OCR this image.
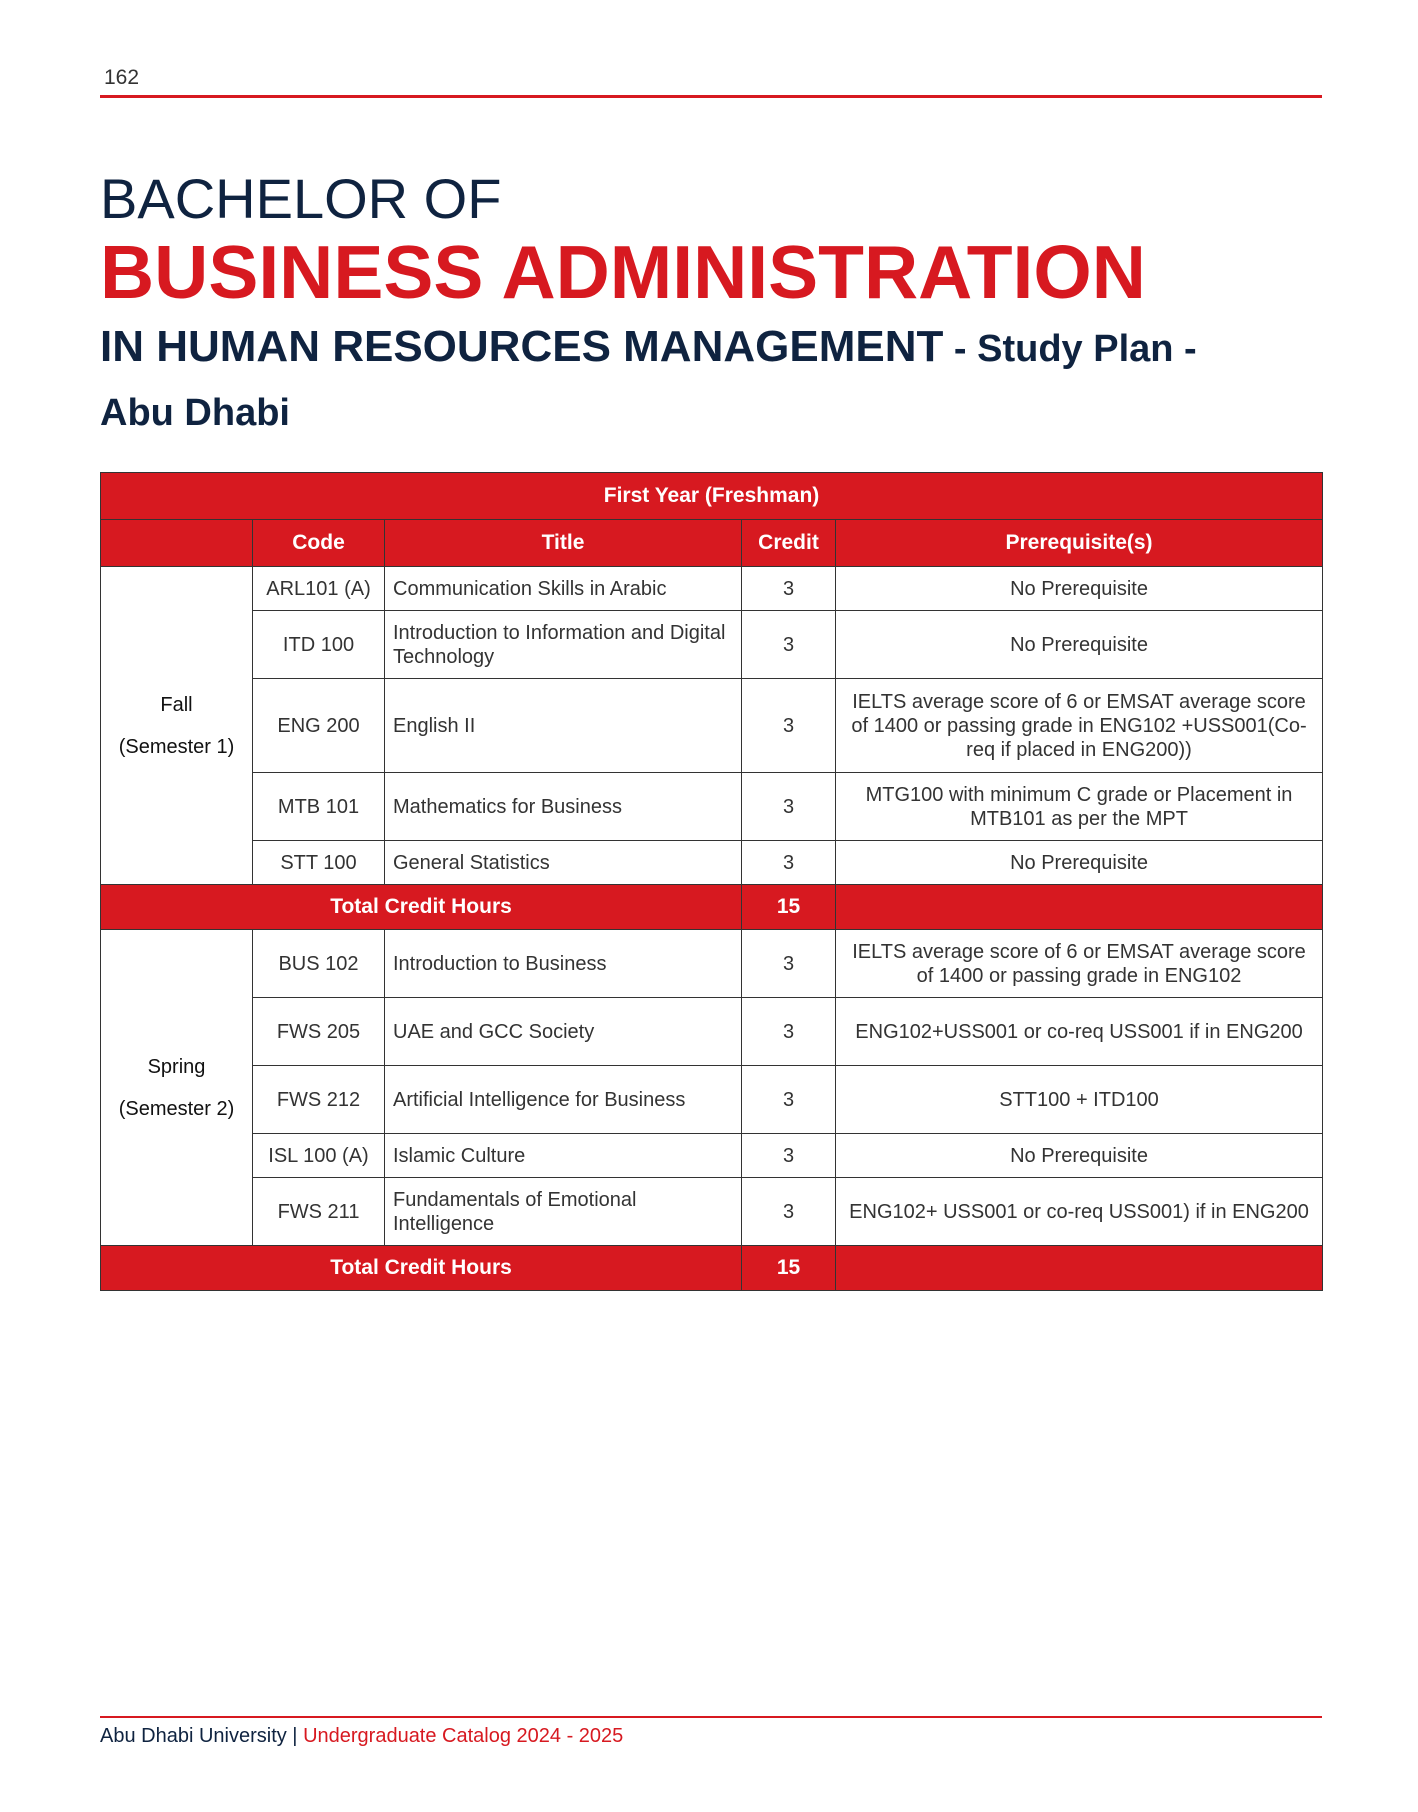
162
BACHELOR OF
BUSINESS ADMINISTRATION
IN HUMAN RESOURCES MANAGEMENT - Study Plan -
Abu Dhabi
First Year (Freshman)				
	Code	Title	Credit	Prerequisite(s)
Fall
(Semester 1)	ARL101 (A)	Communication Skills in Arabic	3	No Prerequisite
	ITD 100	Introduction to Information and Digital Technology	3	No Prerequisite
	ENG 200	English II	3	IELTS average score of 6 or EMSAT average score of 1400 or passing grade in ENG102 +USS001(Co-req if placed in ENG200))
	MTB 101	Mathematics for Business	3	MTG100 with minimum C grade or Placement in MTB101 as per the MPT
	STT 100	General Statistics	3	No Prerequisite
Total Credit Hours			15	
Spring
(Semester 2)	BUS 102	Introduction to Business	3	IELTS average score of 6 or EMSAT average score of 1400 or passing grade in ENG102
	FWS 205	UAE and GCC Society	3	ENG102+USS001 or co-req USS001 if in ENG200
	FWS 212	Artificial Intelligence for Business	3	STT100 + ITD100
	ISL 100 (A)	Islamic Culture	3	No Prerequisite
	FWS 211	Fundamentals of Emotional Intelligence	3	ENG102+ USS001 or co-req USS001) if in ENG200
Total Credit Hours			15	
Abu Dhabi University | Undergraduate Catalog 2024 - 2025
